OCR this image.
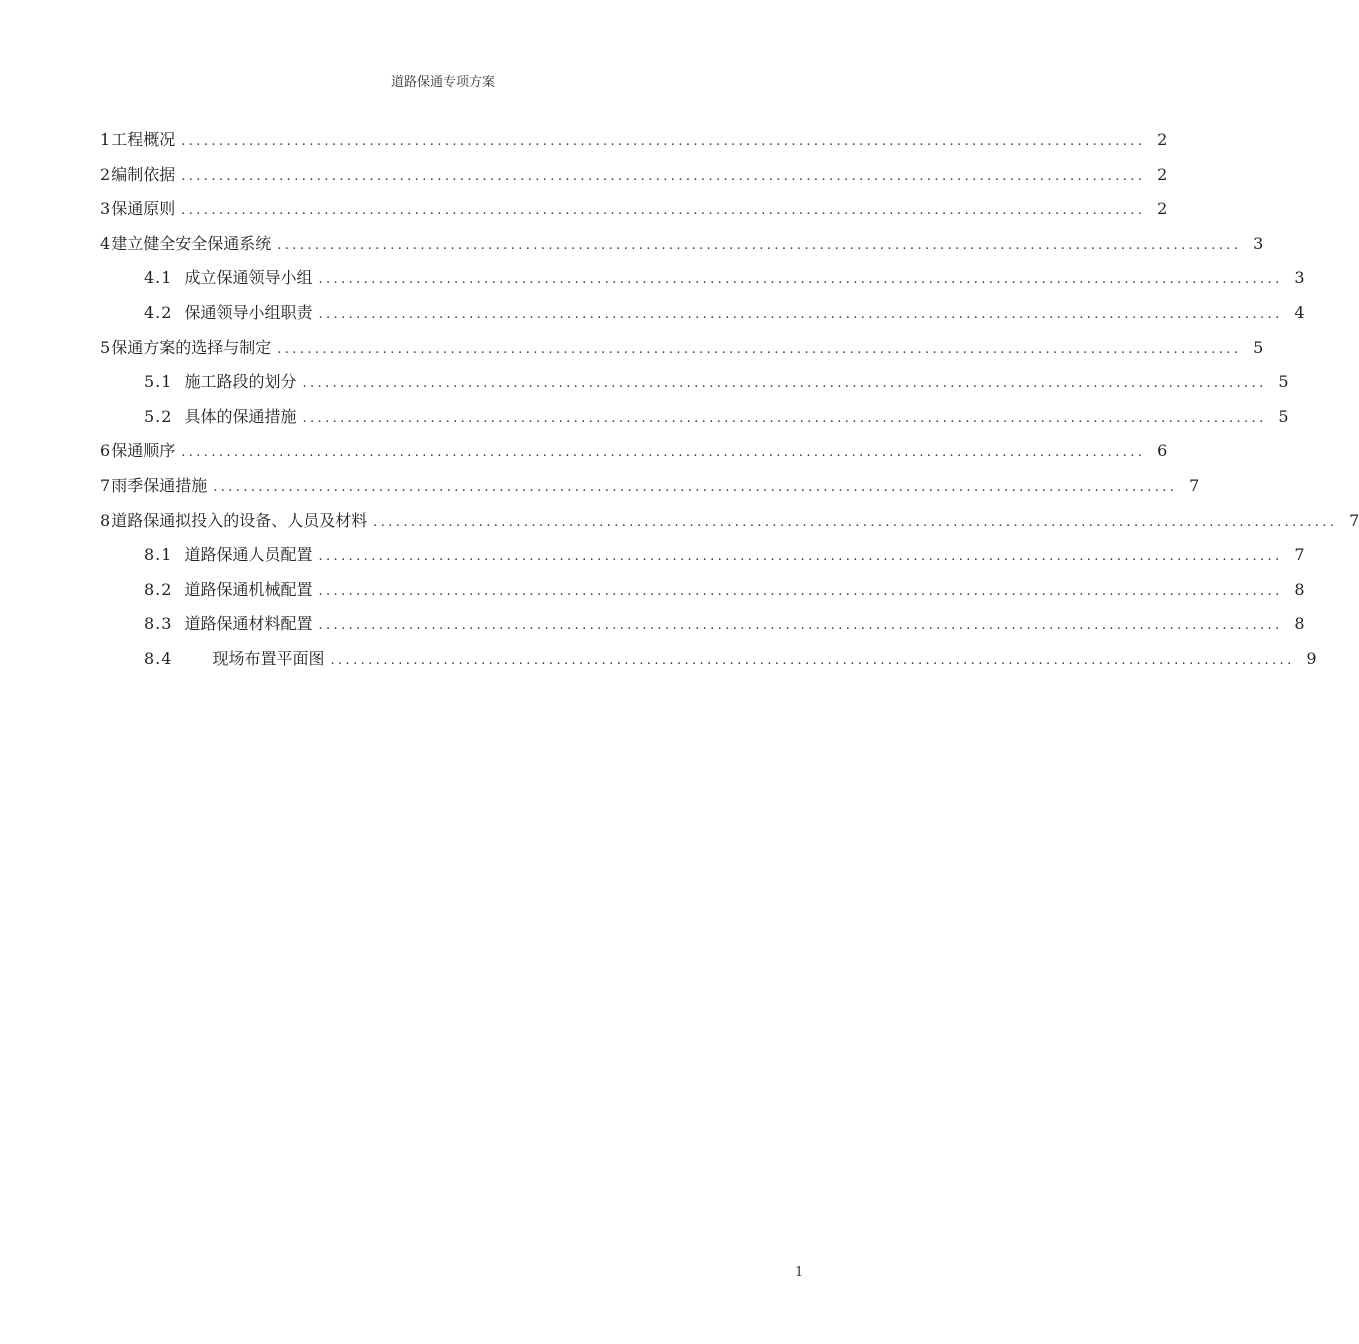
道路保通专项方案
1 工程概况 ................................................................................................................................ 2
2 编制依据 ................................................................................................................................ 2
3 保通原则 ................................................................................................................................ 2
4 建立健全安全保通系统 ................................................................................................................................ 3
4.1 成立保通领导小组 ................................................................................................................................ 3
4.2 保通领导小组职责 ................................................................................................................................ 4
5 保通方案的选择与制定 ................................................................................................................................ 5
5.1 施工路段的划分 ................................................................................................................................ 5
5.2 具体的保通措施 ................................................................................................................................ 5
6 保通顺序 ................................................................................................................................ 6
7 雨季保通措施 ................................................................................................................................ 7
8 道路保通拟投入的设备、人员及材料 ................................................................................................................................ 7
8.1 道路保通人员配置 ................................................................................................................................ 7
8.2 道路保通机械配置 ................................................................................................................................ 8
8.3 道路保通材料配置 ................................................................................................................................ 8
8.4	现场布置平面图 ................................................................................................................................ 9
1
